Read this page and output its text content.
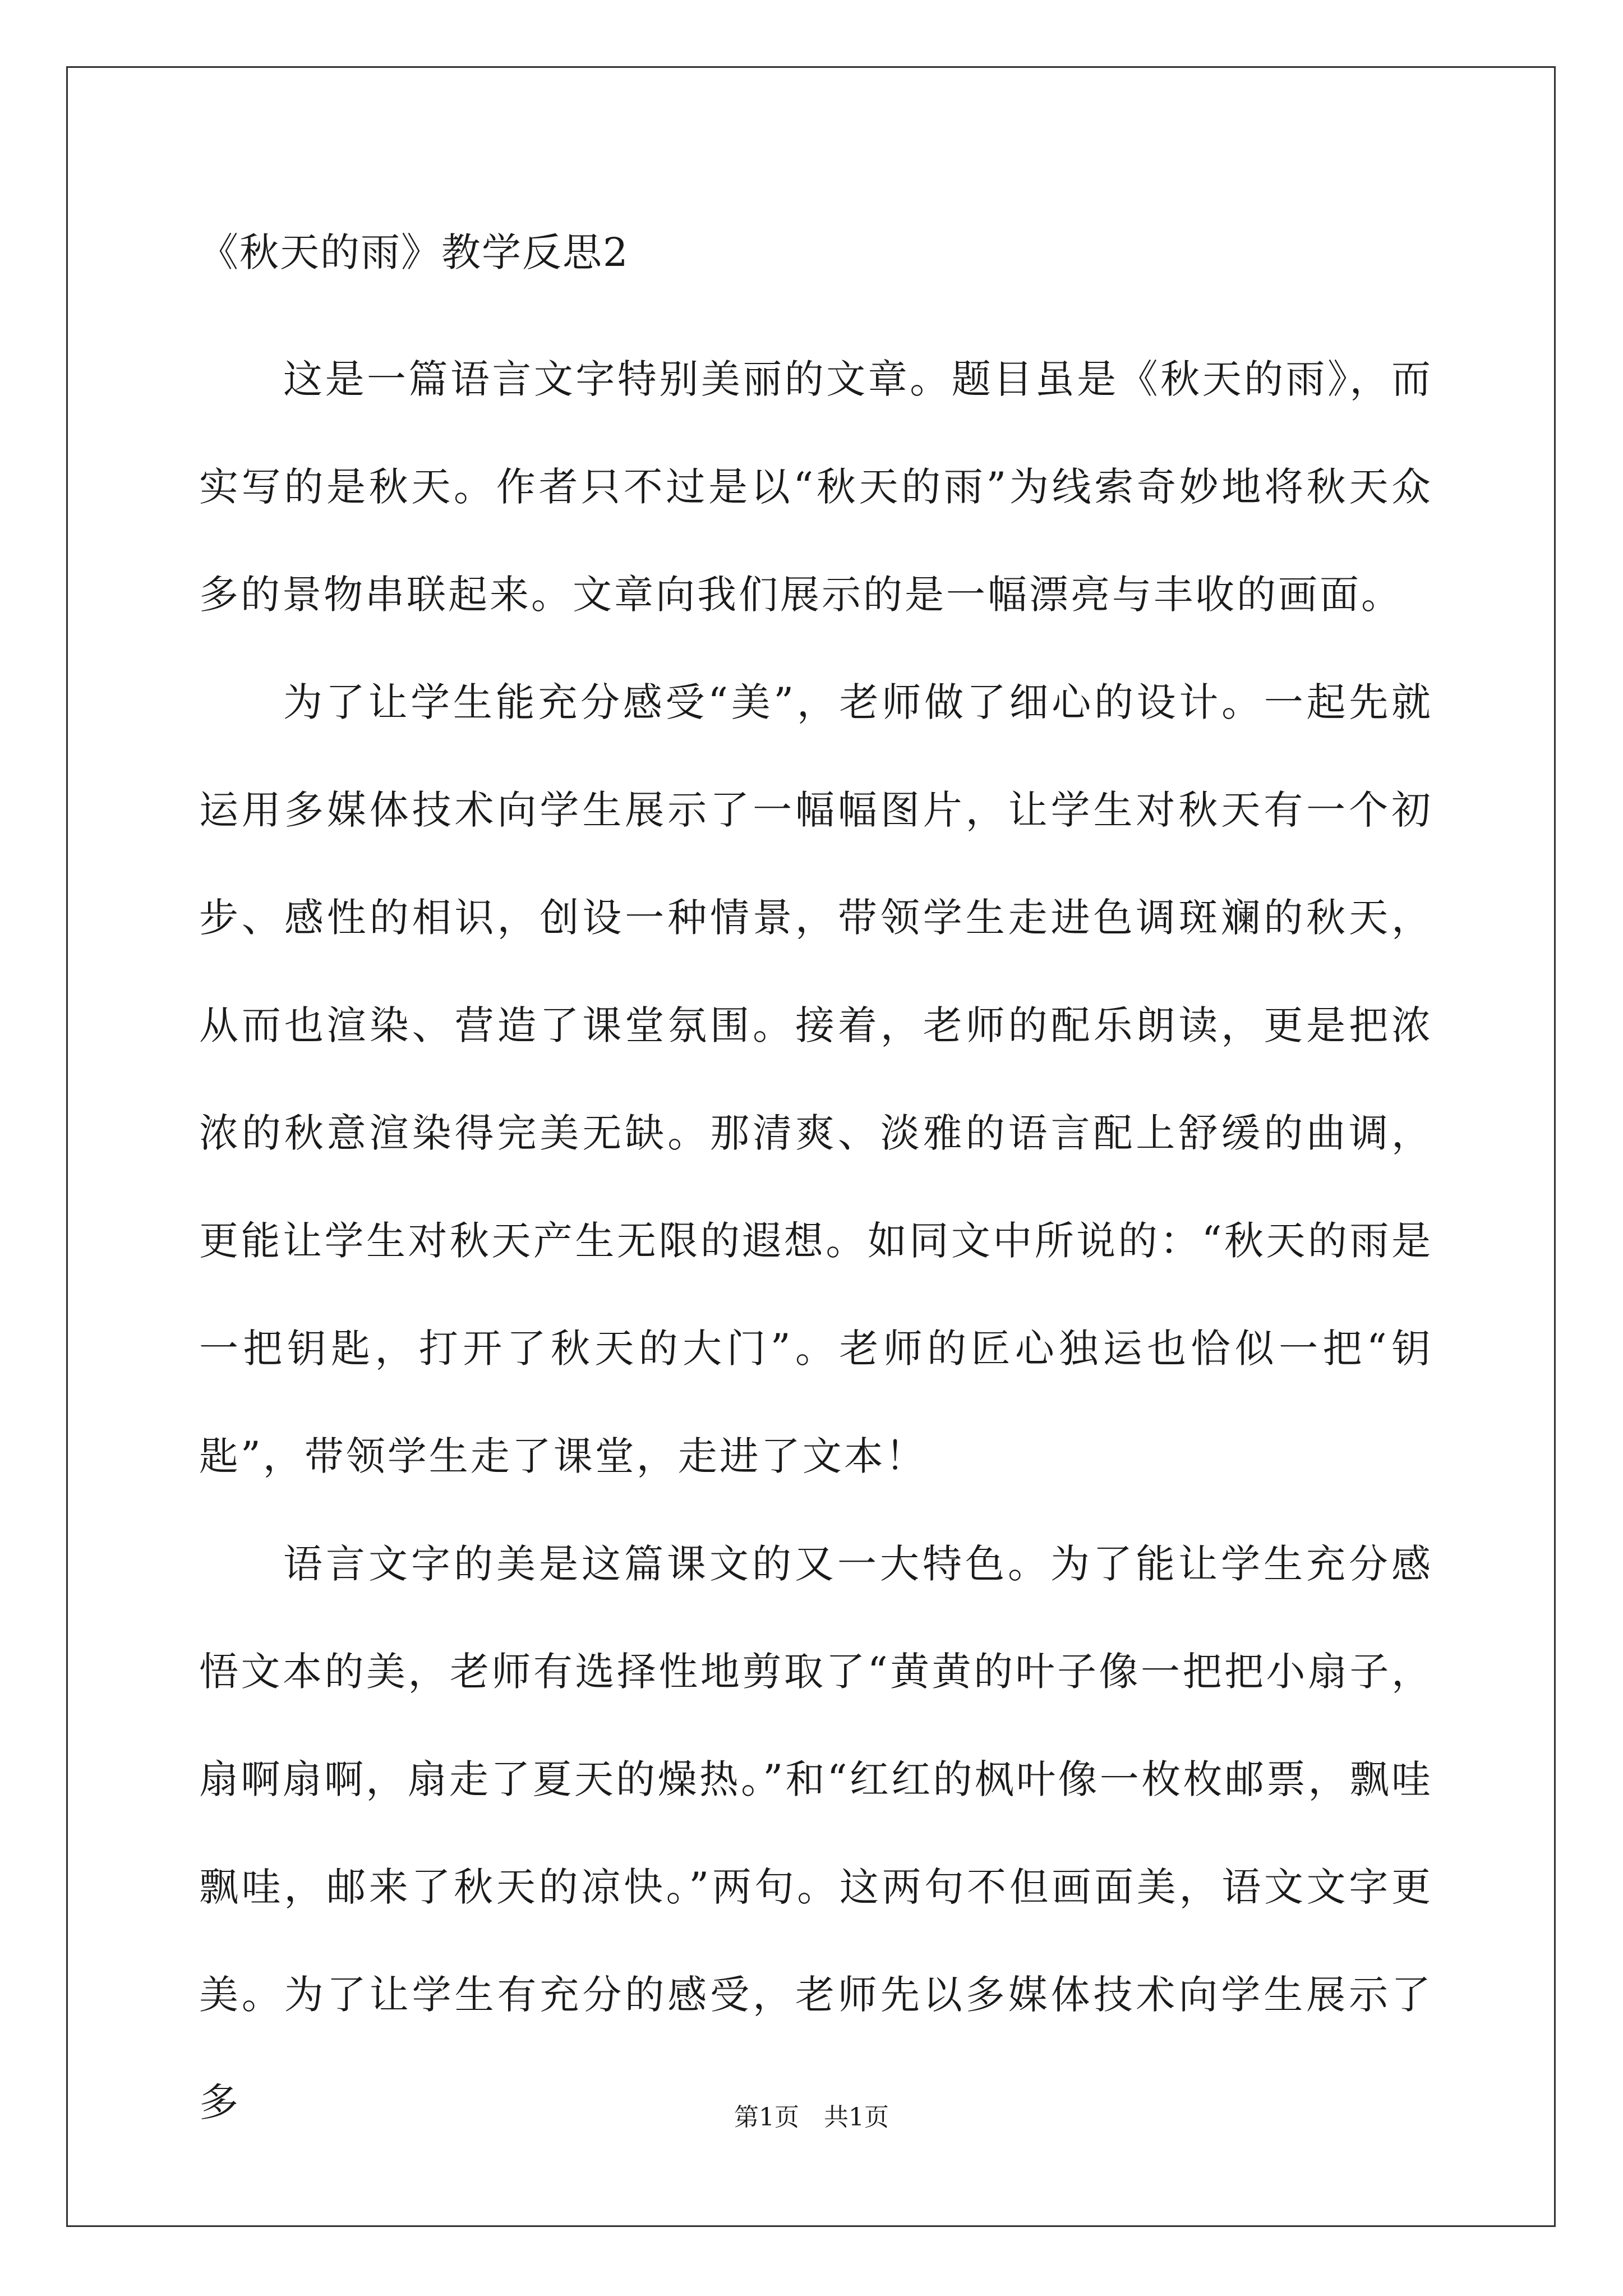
《秋天的雨》教学反思2

这是一篇语言文字特别美丽的文章。题目虽是《秋天的雨》，而实写的是秋天。作者只不过是以“秋天的雨”为线索奇妙地将秋天众多的景物串联起来。文章向我们展示的是一幅漂亮与丰收的画面。

为了让学生能充分感受“美”，老师做了细心的设计。一起先就运用多媒体技术向学生展示了一幅幅图片，让学生对秋天有一个初步、感性的相识，创设一种情景，带领学生走进色调斑斓的秋天，从而也渲染、营造了课堂氛围。接着，老师的配乐朗读，更是把浓浓的秋意渲染得完美无缺。那清爽、淡雅的语言配上舒缓的曲调，更能让学生对秋天产生无限的遐想。如同文中所说的：“秋天的雨是一把钥匙，打开了秋天的大门”。老师的匠心独运也恰似一把“钥匙”，带领学生走了课堂，走进了文本！

语言文字的美是这篇课文的又一大特色。为了能让学生充分感悟文本的美，老师有选择性地剪取了“黄黄的叶子像一把把小扇子，扇啊扇啊，扇走了夏天的燥热。”和“红红的枫叶像一枚枚邮票，飘哇飘哇，邮来了秋天的凉快。”两句。这两句不但画面美，语文文字更美。为了让学生有充分的感受，老师先以多媒体技术向学生展示了多	第1页　共1页
